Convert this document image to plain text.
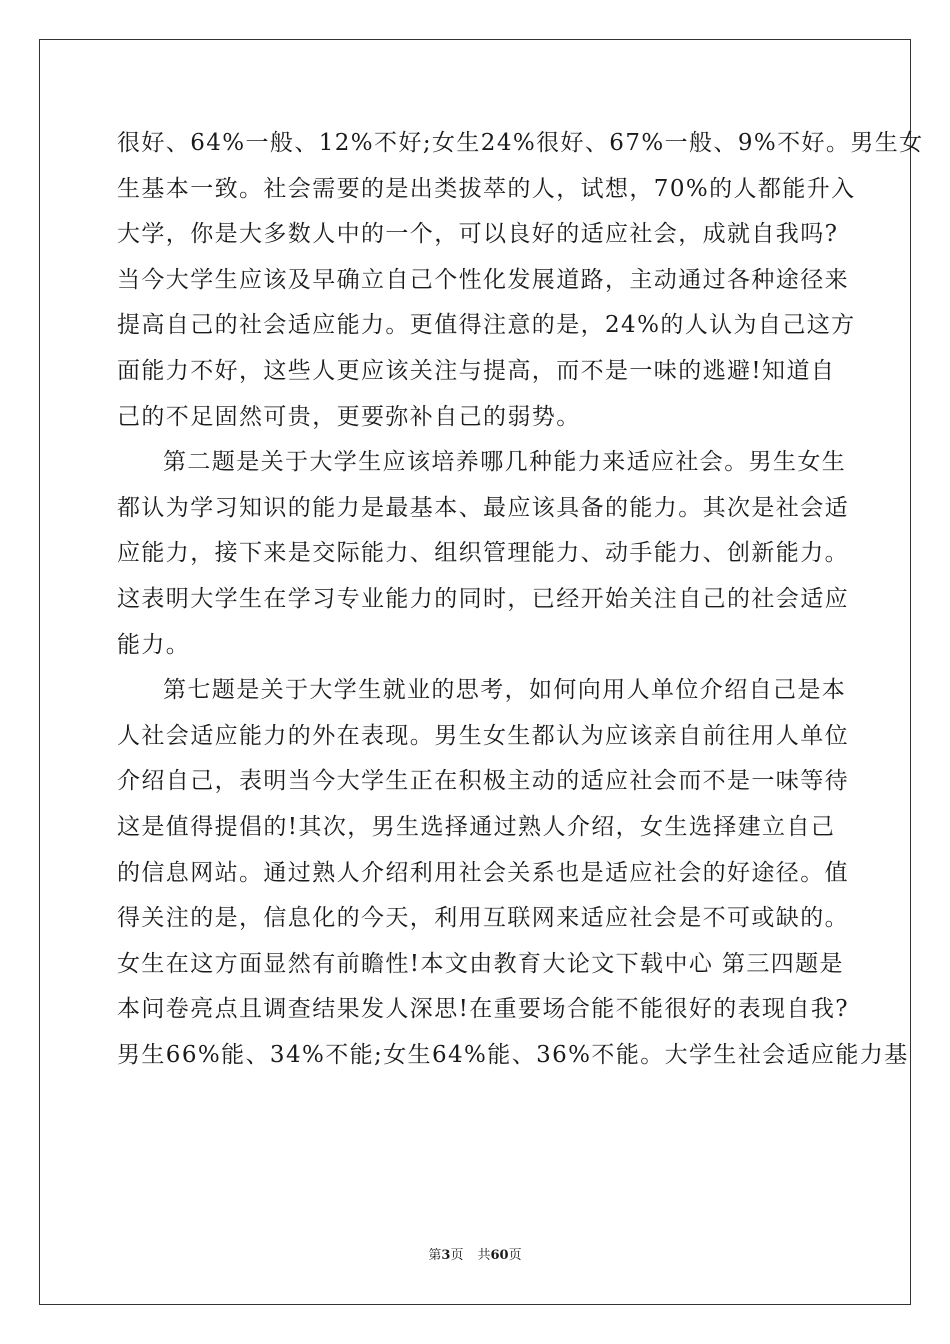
很好、64%一般、12%不好;女生24%很好、67%一般、9%不好。男生女
生基本一致。社会需要的是出类拔萃的人，试想，70%的人都能升入
大学，你是大多数人中的一个，可以良好的适应社会，成就自我吗?
当今大学生应该及早确立自己个性化发展道路，主动通过各种途径来
提高自己的社会适应能力。更值得注意的是，24%的人认为自己这方
面能力不好，这些人更应该关注与提高，而不是一味的逃避!知道自
己的不足固然可贵，更要弥补自己的弱势。
第二题是关于大学生应该培养哪几种能力来适应社会。男生女生
都认为学习知识的能力是最基本、最应该具备的能力。其次是社会适
应能力，接下来是交际能力、组织管理能力、动手能力、创新能力。
这表明大学生在学习专业能力的同时，已经开始关注自己的社会适应
能力。
第七题是关于大学生就业的思考，如何向用人单位介绍自己是本
人社会适应能力的外在表现。男生女生都认为应该亲自前往用人单位
介绍自己，表明当今大学生正在积极主动的适应社会而不是一味等待
这是值得提倡的!其次，男生选择通过熟人介绍，女生选择建立自己
的信息网站。通过熟人介绍利用社会关系也是适应社会的好途径。值
得关注的是，信息化的今天，利用互联网来适应社会是不可或缺的。
女生在这方面显然有前瞻性!本文由教育大论文下载中心 第三四题是
本问卷亮点且调查结果发人深思!在重要场合能不能很好的表现自我?
男生66%能、34%不能;女生64%能、36%不能。大学生社会适应能力基
第3页 共60页
